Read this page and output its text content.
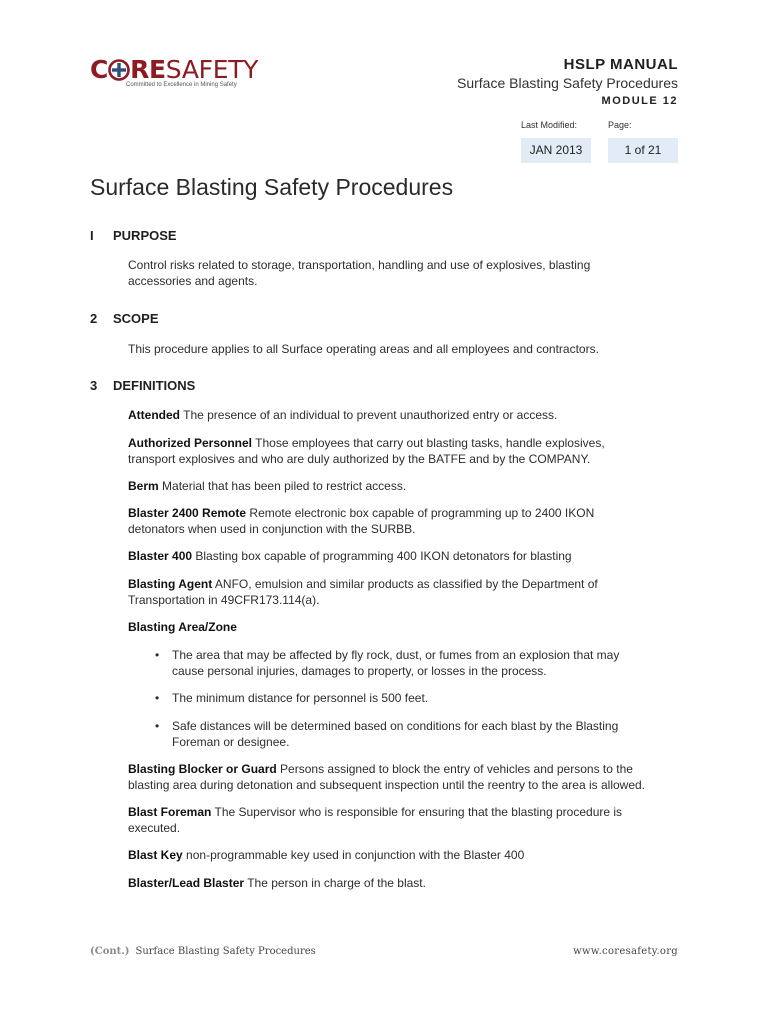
C RESAFETY
Committed to Excellence in Mining Safety
HSLP MANUAL
Surface Blasting Safety Procedures
MODULE 12
Last Modified:	Page:
JAN 2013	1 of 21
Surface Blasting Safety Procedures
I PURPOSE
Control risks related to storage, transportation, handling and use of explosives, blasting accessories and agents.
2 SCOPE
This procedure applies to all Surface operating areas and all employees and contractors.
3 DEFINITIONS
Attended The presence of an individual to prevent unauthorized entry or access.
Authorized Personnel Those employees that carry out blasting tasks, handle explosives, transport explosives and who are duly authorized by the BATFE and by the COMPANY.
Berm Material that has been piled to restrict access.
Blaster 2400 Remote Remote electronic box capable of programming up to 2400 IKON detonators when used in conjunction with the SURBB.
Blaster 400 Blasting box capable of programming 400 IKON detonators for blasting
Blasting Agent ANFO, emulsion and similar products as classified by the Department of Transportation in 49CFR173.114(a).
Blasting Area/Zone
• The area that may be affected by fly rock, dust, or fumes from an explosion that may cause personal injuries, damages to property, or losses in the process.
• The minimum distance for personnel is 500 feet.
• Safe distances will be determined based on conditions for each blast by the Blasting Foreman or designee.
Blasting Blocker or Guard Persons assigned to block the entry of vehicles and persons to the blasting area during detonation and subsequent inspection until the reentry to the area is allowed.
Blast Foreman The Supervisor who is responsible for ensuring that the blasting procedure is executed.
Blast Key non-programmable key used in conjunction with the Blaster 400
Blaster/Lead Blaster The person in charge of the blast.
(Cont.) Surface Blasting Safety Procedures	www.coresafety.org
